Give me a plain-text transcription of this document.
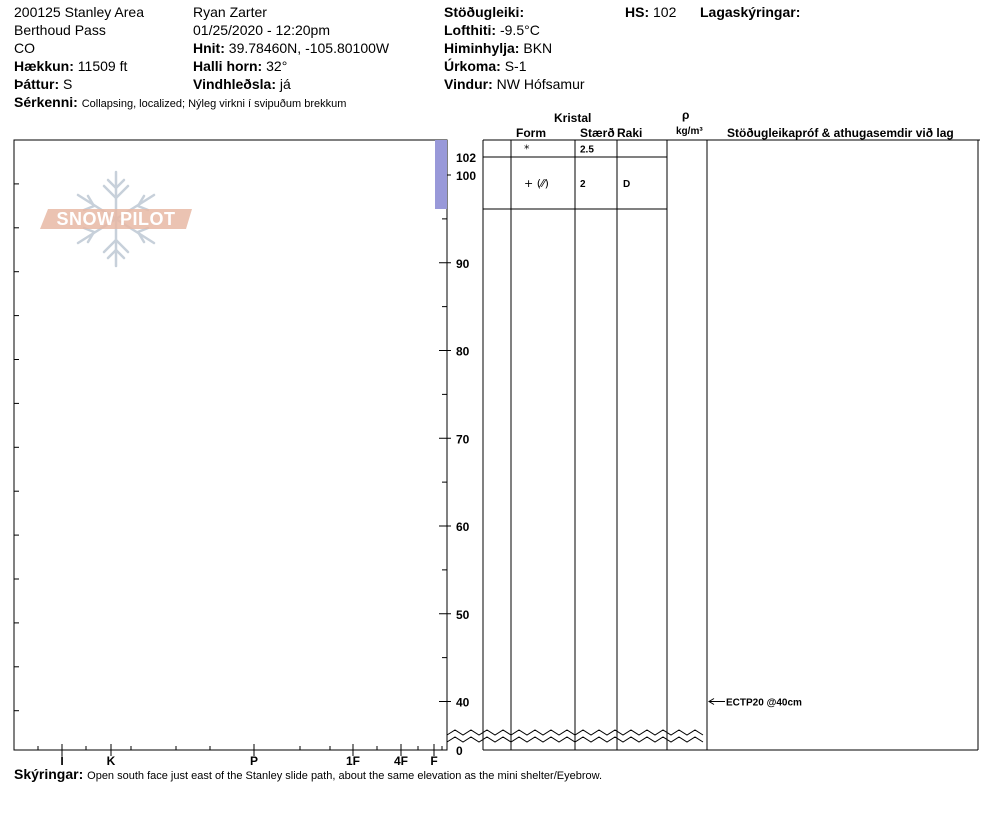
200125 Stanley Area
Berthoud Pass
CO
Hækkun: 11509 ft
Þáttur: S
Ryan Zarter
01/25/2020 - 12:20pm
Hnit: 39.78460N, -105.80100W
Halli horn: 32°
Vindhleðsla: já
Stöðugleiki:
Lofthiti: -9.5°C
Himinhylja: BKN
Úrkoma: S-1
Vindur: NW Hófsamur
HS: 102 Lagaskýringar:
Sérkenni: Collapsing, localized; Nýleg virkni í svipuðum brekkum
Kristal
Form	Stærð Raki
ρ
kg/m³ Stöðugleikapróf & athugasemdir við lag
SNOW PILOT
*	2.5
+ (⁄⁄)	2	D
ECTP20 @40cm
I	K	P	1F	4F F
40
50
60
70
80
90
100
102
0
Skýringar: Open south face just east of the Stanley slide path, about the same elevation as the mini shelter/Eyebrow.
